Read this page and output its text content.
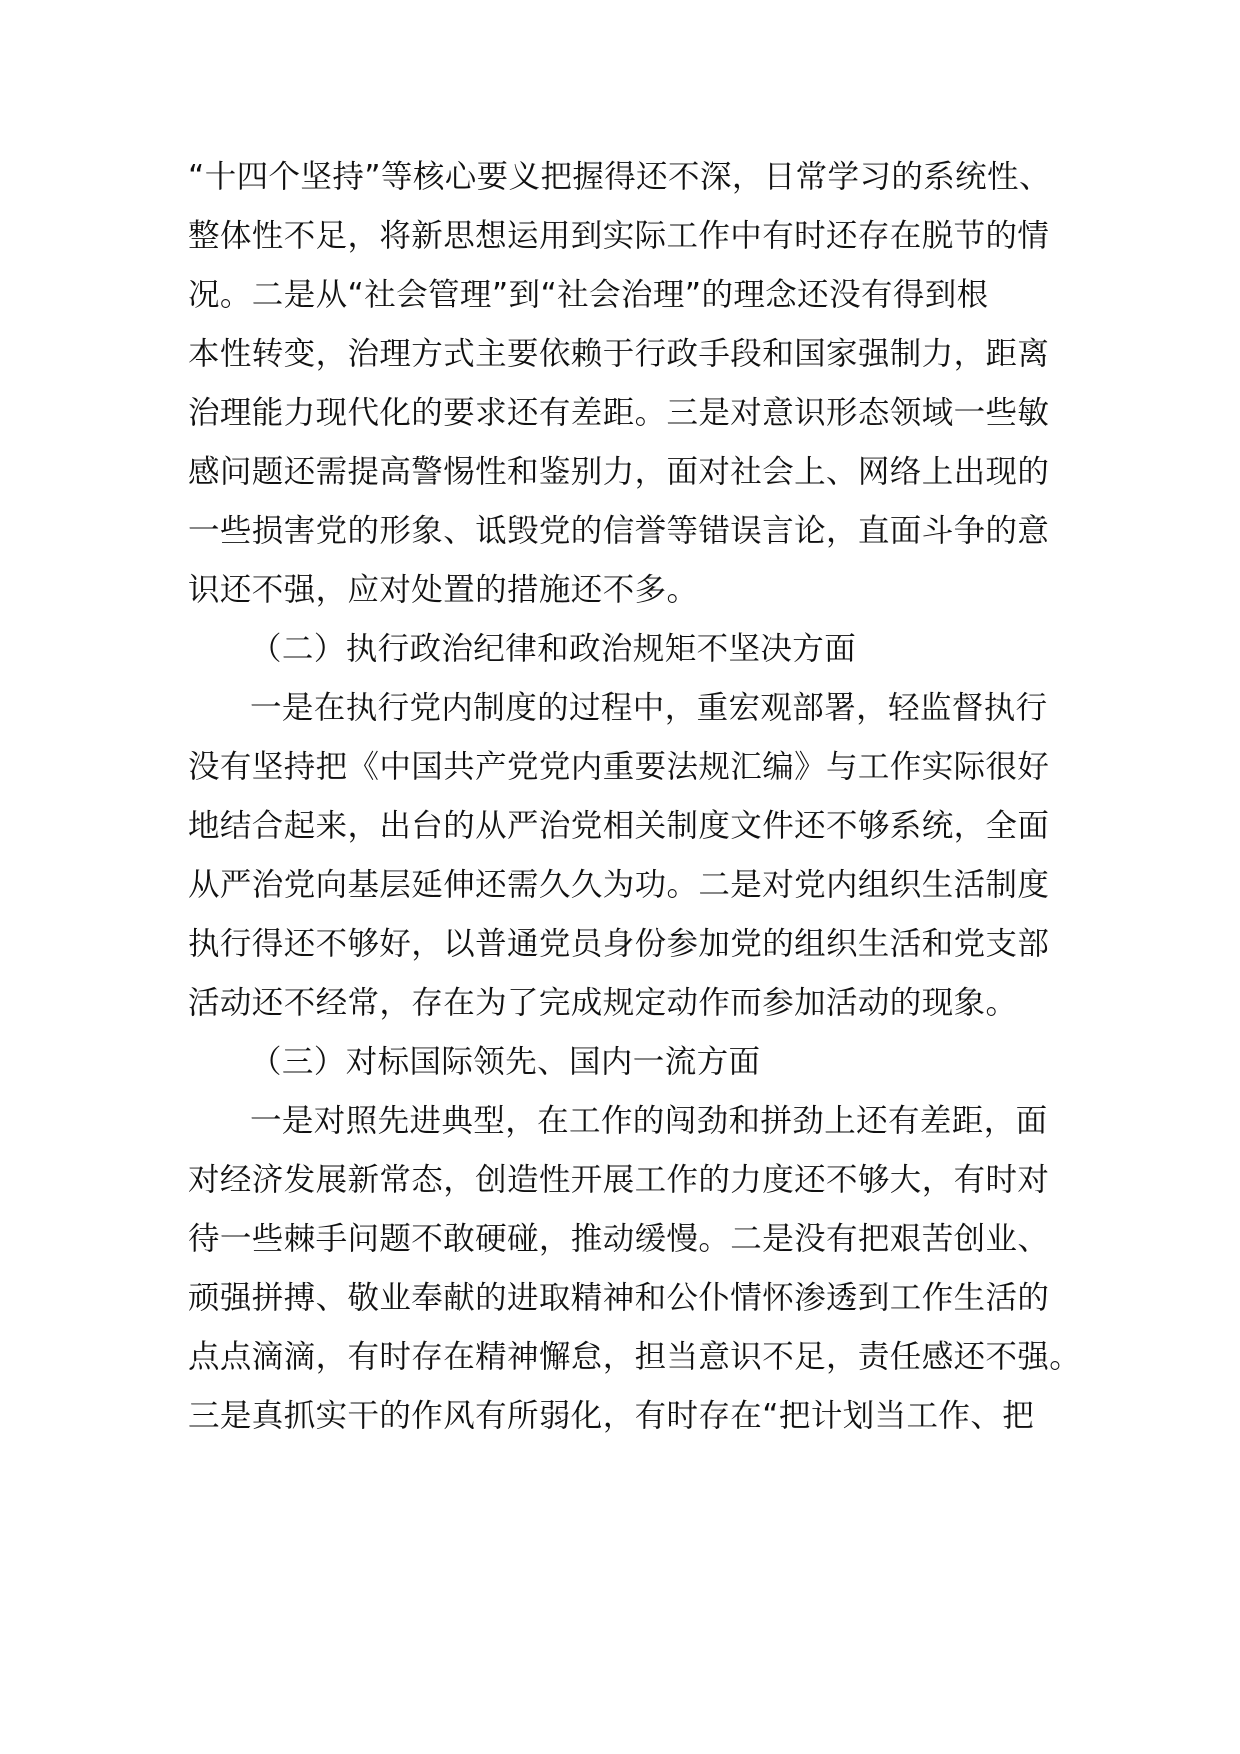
“十四个坚持”等核心要义把握得还不深，日常学习的系统性、
整体性不足，将新思想运用到实际工作中有时还存在脱节的情
况。二是从“社会管理”到“社会治理”的理念还没有得到根
本性转变，治理方式主要依赖于行政手段和国家强制力，距离
治理能力现代化的要求还有差距。三是对意识形态领域一些敏
感问题还需提高警惕性和鉴别力，面对社会上、网络上出现的
一些损害党的形象、诋毁党的信誉等错误言论，直面斗争的意
识还不强，应对处置的措施还不多。
（二）执行政治纪律和政治规矩不坚决方面
一是在执行党内制度的过程中，重宏观部署，轻监督执行
没有坚持把《中国共产党党内重要法规汇编》与工作实际很好
地结合起来，出台的从严治党相关制度文件还不够系统，全面
从严治党向基层延伸还需久久为功。二是对党内组织生活制度
执行得还不够好，以普通党员身份参加党的组织生活和党支部
活动还不经常，存在为了完成规定动作而参加活动的现象。
（三）对标国际领先、国内一流方面
一是对照先进典型，在工作的闯劲和拼劲上还有差距，面
对经济发展新常态，创造性开展工作的力度还不够大，有时对
待一些棘手问题不敢硬碰，推动缓慢。二是没有把艰苦创业、
顽强拼搏、敬业奉献的进取精神和公仆情怀渗透到工作生活的
点点滴滴，有时存在精神懈怠，担当意识不足，责任感还不强。
三是真抓实干的作风有所弱化，有时存在“把计划当工作、把
